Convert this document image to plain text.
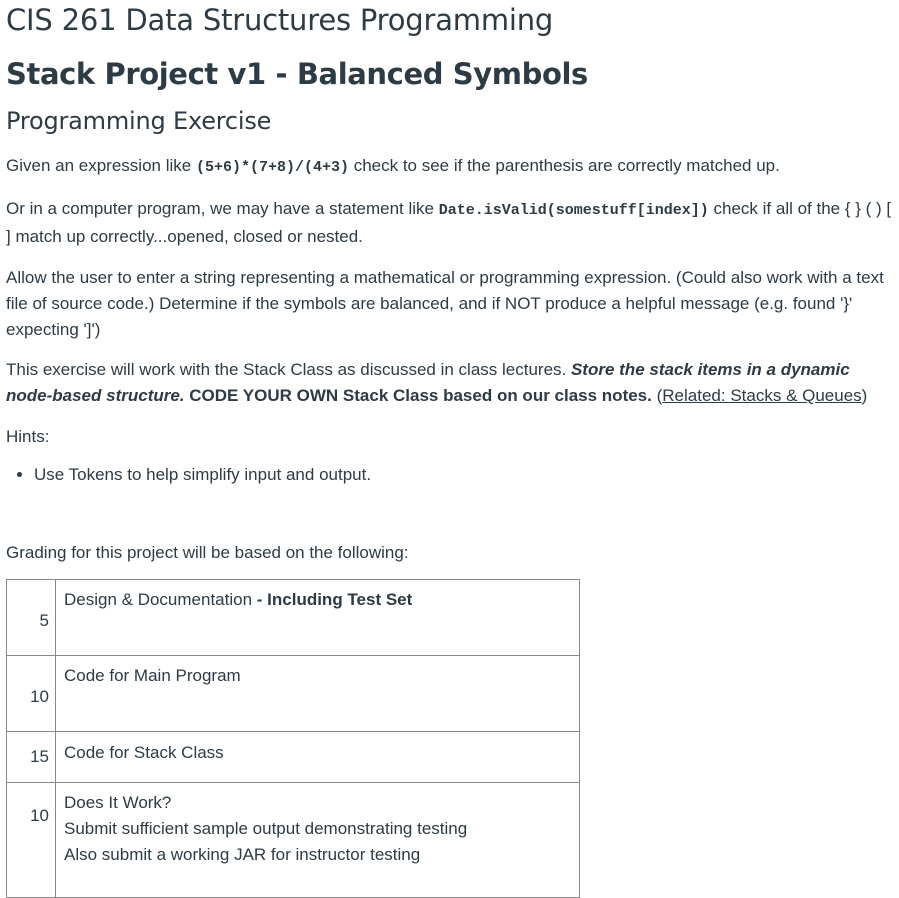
CIS 261 Data Structures Programming
Stack Project v1 - Balanced Symbols
Programming Exercise

Given an expression like (5+6)*(7+8)/(4+3) check to see if the parenthesis are correctly matched up.

Or in a computer program, we may have a statement like Date.isValid(somestuff[index]) check if all of the { } ( ) [ ] match up correctly...opened, closed or nested.

Allow the user to enter a string representing a mathematical or programming expression. (Could also work with a text file of source code.) Determine if the symbols are balanced, and if NOT produce a helpful message (e.g. found '}' expecting ']')

This exercise will work with the Stack Class as discussed in class lectures. Store the stack items in a dynamic node-based structure. CODE YOUR OWN Stack Class based on our class notes. (Related: Stacks & Queues)

Hints:

• Use Tokens to help simplify input and output.

Grading for this project will be based on the following:

5	Design & Documentation - Including Test Set
10	Code for Main Program
15	Code for Stack Class
10	Does It Work?
Submit sufficient sample output demonstrating testing
Also submit a working JAR for instructor testing
